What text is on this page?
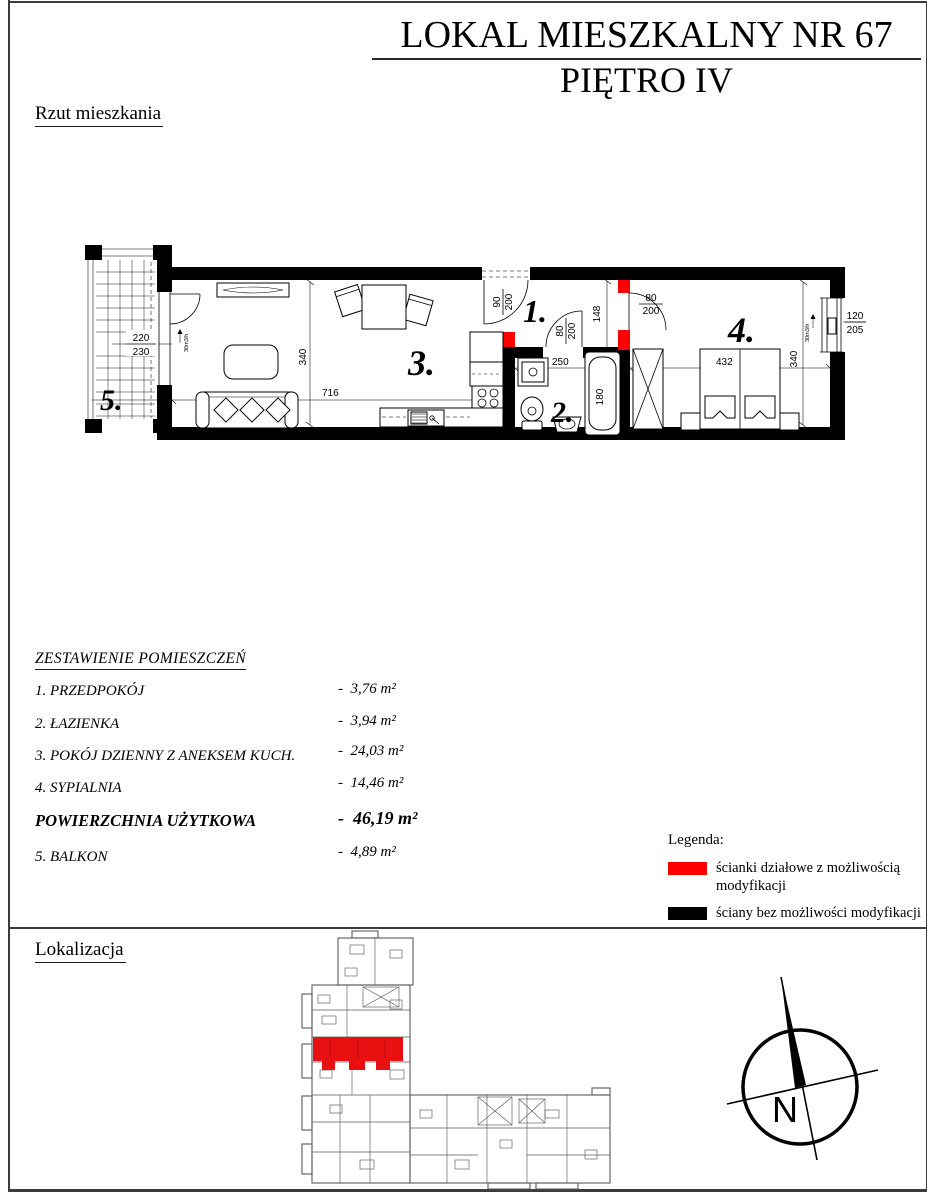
LOKAL MIESZKALNY NR 67
PIĘTRO IV
Rzut mieszkania
5.
220
230
30m3/h
90 200
80 200
80
200
3.
340
716
1.	148
180
2.
250
4.
432	340
30m3/h
120
205
ZESTAWIENIE POMIESZCZEŃ
1. PRZEDPOKÓJ	-  3,76 m²
2. ŁAZIENKA	-  3,94 m²
3. POKÓJ DZIENNY Z ANEKSEM KUCH.	-  24,03 m²
4. SYPIALNIA	-  14,46 m²
POWIERZCHNIA UŻYTKOWA	-  46,19 m²
5. BALKON	-  4,89 m²
Legenda:
ścianki działowe z możliwością modyfikacji
ściany bez możliwości modyfikacji
Lokalizacja
N
